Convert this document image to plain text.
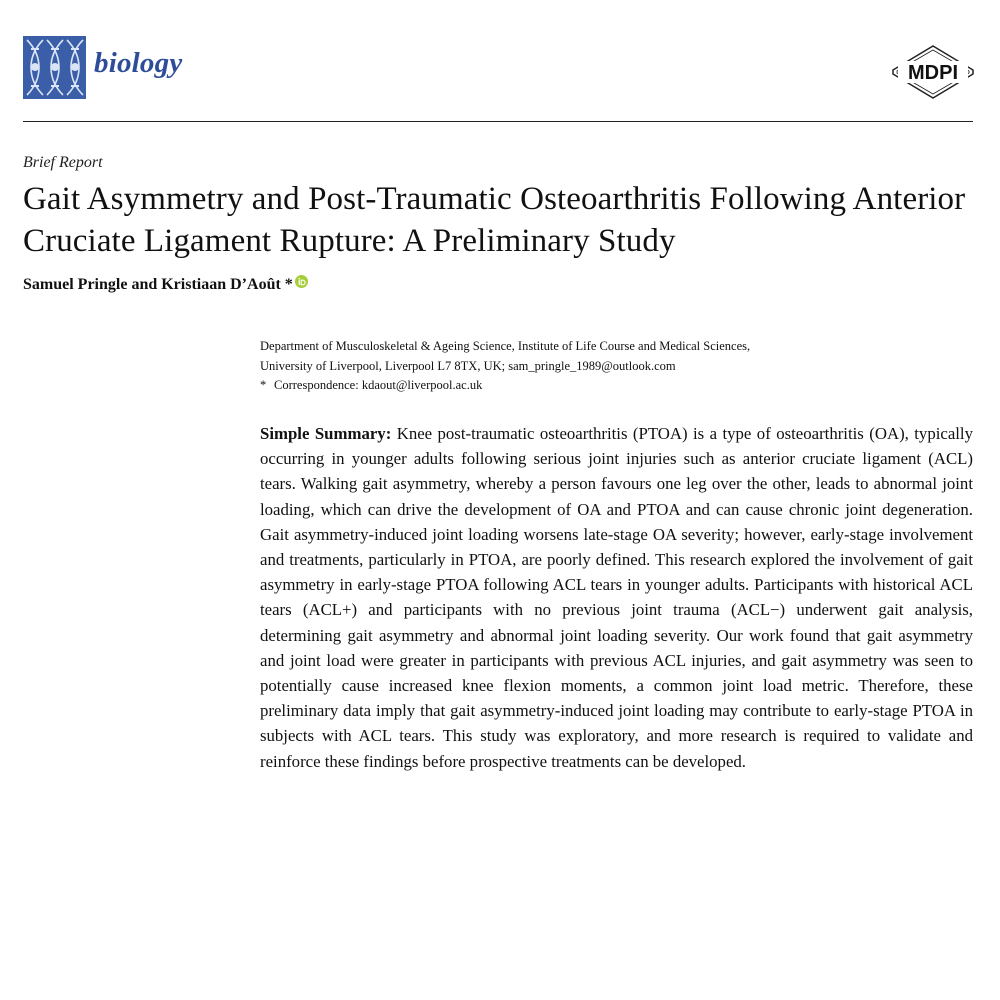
biology	MDPI
Brief Report
Gait Asymmetry and Post-Traumatic Osteoarthritis Following Anterior Cruciate Ligament Rupture: A Preliminary Study
Samuel Pringle and Kristiaan D’Août *
Department of Musculoskeletal & Ageing Science, Institute of Life Course and Medical Sciences,
University of Liverpool, Liverpool L7 8TX, UK; sam_pringle_1989@outlook.com
* Correspondence: kdaout@liverpool.ac.uk

Simple Summary: Knee post-traumatic osteoarthritis (PTOA) is a type of osteoarthritis (OA), typically occurring in younger adults following serious joint injuries such as anterior cruciate ligament (ACL) tears. Walking gait asymmetry, whereby a person favours one leg over the other, leads to abnormal joint loading, which can drive the development of OA and PTOA and can cause chronic joint degeneration. Gait asymmetry-induced joint loading worsens late-stage OA severity; however, early-stage involvement and treatments, particularly in PTOA, are poorly defined. This research explored the involvement of gait asymmetry in early-stage PTOA following ACL tears in younger adults. Participants with historical ACL tears (ACL+) and participants with no previous joint trauma (ACL−) underwent gait analysis, determining gait asymmetry and abnormal joint loading severity. Our work found that gait asymmetry and joint load were greater in participants with previous ACL injuries, and gait asymmetry was seen to potentially cause increased knee flexion moments, a common joint load metric. Therefore, these preliminary data imply that gait asymmetry-induced joint loading may contribute to early-stage PTOA in subjects with ACL tears. This study was exploratory, and more research is required to validate and reinforce these findings before prospective treatments can be developed.
